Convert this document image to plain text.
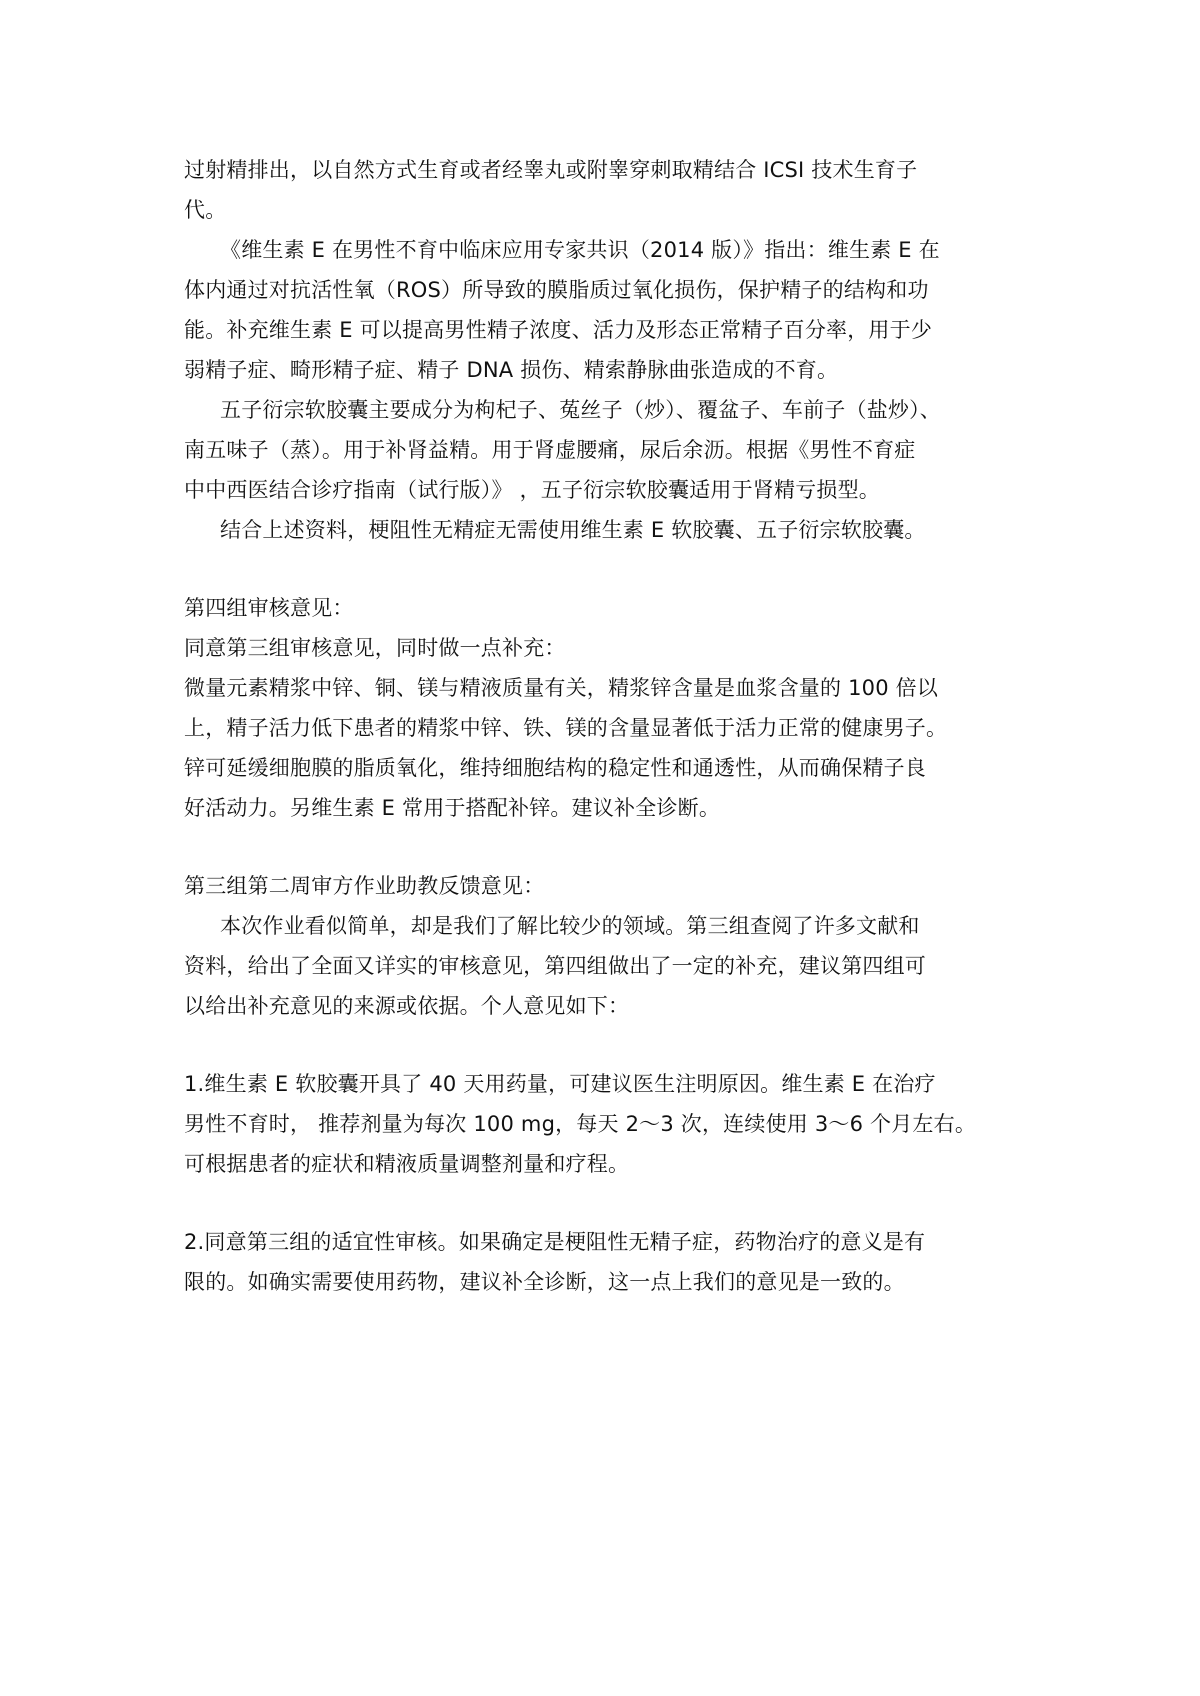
过射精排出，以自然方式生育或者经睾丸或附睾穿刺取精结合 ICSI 技术生育子
代。
《维生素 E 在男性不育中临床应用专家共识（2014 版）》指出：维生素 E 在
体内通过对抗活性氧（ROS）所导致的膜脂质过氧化损伤，保护精子的结构和功
能。补充维生素 E 可以提高男性精子浓度、活力及形态正常精子百分率，用于少
弱精子症、畸形精子症、精子 DNA 损伤、精索静脉曲张造成的不育。
五子衍宗软胶囊主要成分为枸杞子、菟丝子（炒）、覆盆子、车前子（盐炒）、
南五味子（蒸）。用于补肾益精。用于肾虚腰痛，尿后余沥。根据《男性不育症
中中西医结合诊疗指南（试行版）》 ，五子衍宗软胶囊适用于肾精亏损型。
结合上述资料，梗阻性无精症无需使用维生素 E 软胶囊、五子衍宗软胶囊。
第四组审核意见：
同意第三组审核意见，同时做一点补充：
微量元素精浆中锌、铜、镁与精液质量有关，精浆锌含量是血浆含量的 100 倍以
上，精子活力低下患者的精浆中锌、铁、镁的含量显著低于活力正常的健康男子。
锌可延缓细胞膜的脂质氧化，维持细胞结构的稳定性和通透性，从而确保精子良
好活动力。另维生素 E 常用于搭配补锌。建议补全诊断。
第三组第二周审方作业助教反馈意见：
本次作业看似简单，却是我们了解比较少的领域。第三组查阅了许多文献和
资料，给出了全面又详实的审核意见，第四组做出了一定的补充，建议第四组可
以给出补充意见的来源或依据。个人意见如下：
1.维生素 E 软胶囊开具了 40 天用药量，可建议医生注明原因。维生素 E 在治疗
男性不育时， 推荐剂量为每次 100 mg，每天 2～3 次，连续使用 3～6 个月左右。
可根据患者的症状和精液质量调整剂量和疗程。
2.同意第三组的适宜性审核。如果确定是梗阻性无精子症，药物治疗的意义是有
限的。如确实需要使用药物，建议补全诊断，这一点上我们的意见是一致的。
